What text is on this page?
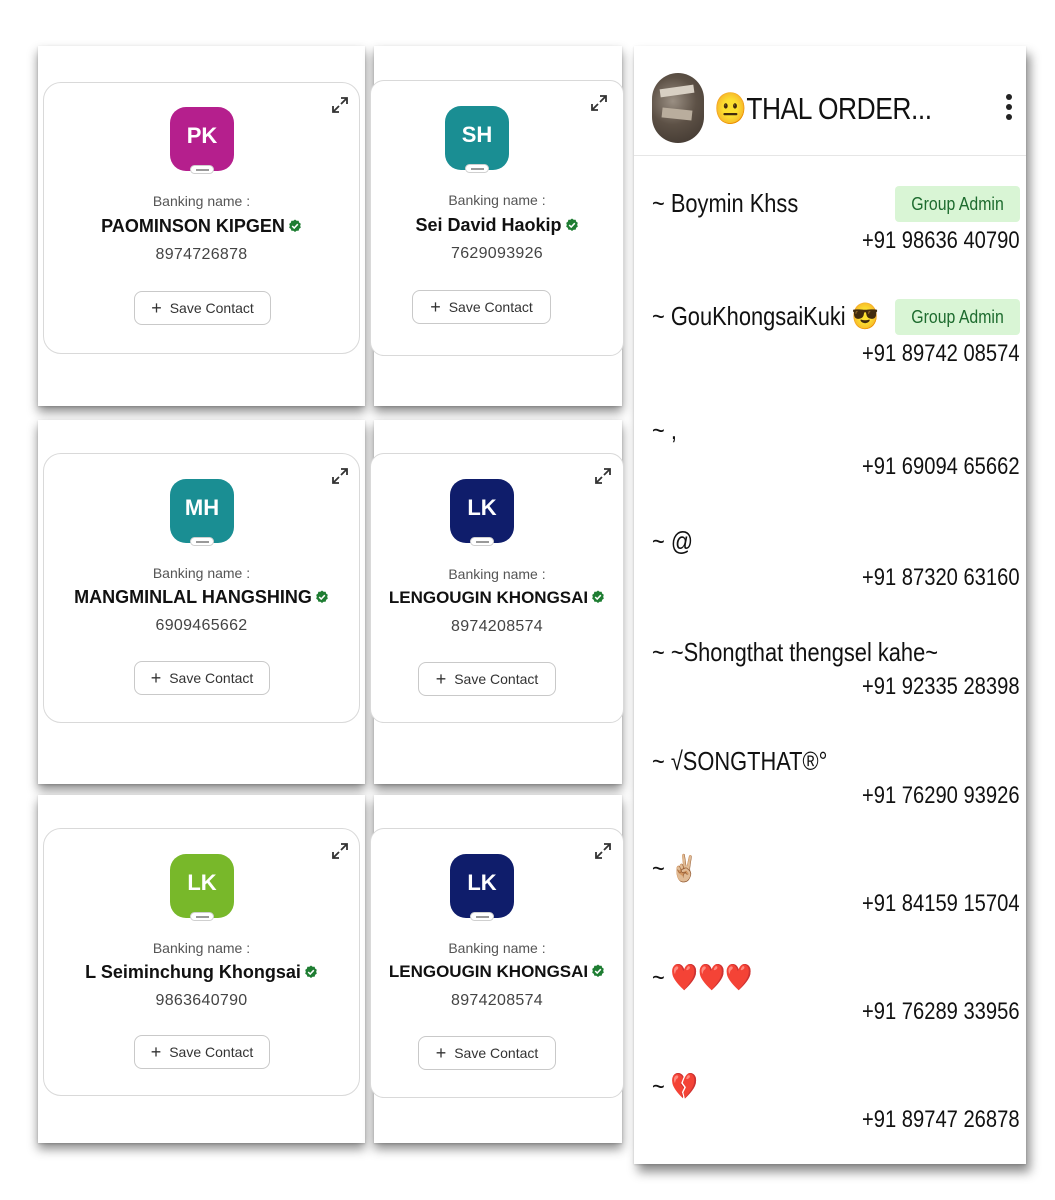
PK
Banking name :
PAOMINSON KIPGEN
8974726878
+ Save Contact
SH
Banking name :
Sei David Haokip
7629093926
+ Save Contact
MH
Banking name :
MANGMINLAL HANGSHING
6909465662
+ Save Contact
LK
Banking name :
LENGOUGIN KHONGSAI
8974208574
+ Save Contact
LK
Banking name :
L Seiminchung Khongsai
9863640790
+ Save Contact
LK
Banking name :
LENGOUGIN KHONGSAI
8974208574
+ Save Contact
😐THAL ORDER...
~ Boymin Khss	Group Admin
+91 98636 40790
~ GouKhongsaiKuki 😎	Group Admin
+91 89742 08574
~ ,
+91 69094 65662
~ @
+91 87320 63160
~ ~Shongthat thengsel kahe~
+91 92335 28398
~ √SONGTHAT®°
+91 76290 93926
~ ✌🏼
+91 84159 15704
~ ❤️❤️❤️
+91 76289 33956
~ 💔
+91 89747 26878
